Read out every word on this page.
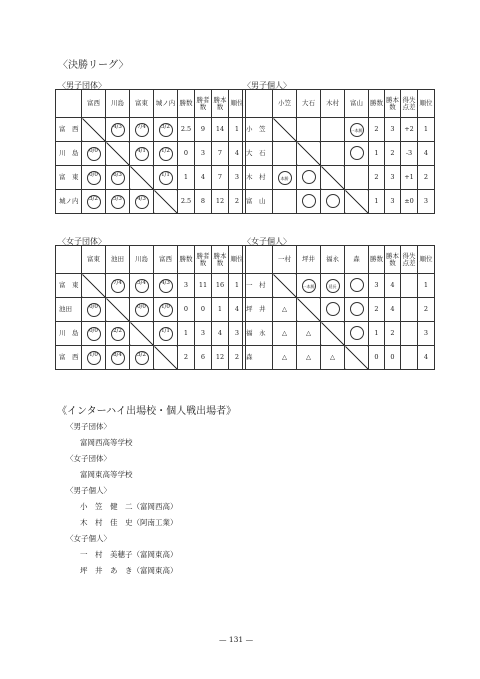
〈決勝リーグ〉
〈男子団体〉
	富西	川島	富東	城ノ内	勝数	勝者数	勝本数	順位
富　西		4/3	7/4	3/2	2.5	9	14	1
川　島	0/0		4/1	1/2	0	3	7	4
富　東	0/0	6/3		1/1	1	4	7	3
城ノ内	3/2	5/3	4/3		2.5	8	12	2
〈男子個人〉
	小笠	大石	木村	富山	勝数	勝本数	得失点差	順位
小　笠				一本勝	2	3	+2	1
大　石					1	2	-3	4
木　村	本勝				2	3	+1	2
富　山					1	3	±0	3
〈女子団体〉
	富東	池田	川島	富西	勝数	勝者数	勝本数	順位
富　東		7/4	5/4	4/3	3	11	16	1
池田	0/0		0/0	1/0	0	0	1	4
川　島	0/0	2/2		1/1	1	3	4	3
富　西	1/0	8/4	3/2		2	6	12	2
〈女子個人〉
	一村	坪井	福永	森	勝数	勝本数	得失点差	順位
一　村		一本勝	延長		3	4		1
坪　井	△				2	4		2
福　永	△	△			1	2		3
森	△	△	△		0	0		4
《インターハイ出場校・個人戦出場者》
〈男子団体〉
富岡西高等学校
〈女子団体〉
富岡東高等学校
〈男子個人〉
小　笠　健　二（富岡西高）
木　村　佳　史（阿南工業）
〈女子個人〉
一　村　美穂子（富岡東高）
坪　井　あ　き（富岡東高）
— 131 —
